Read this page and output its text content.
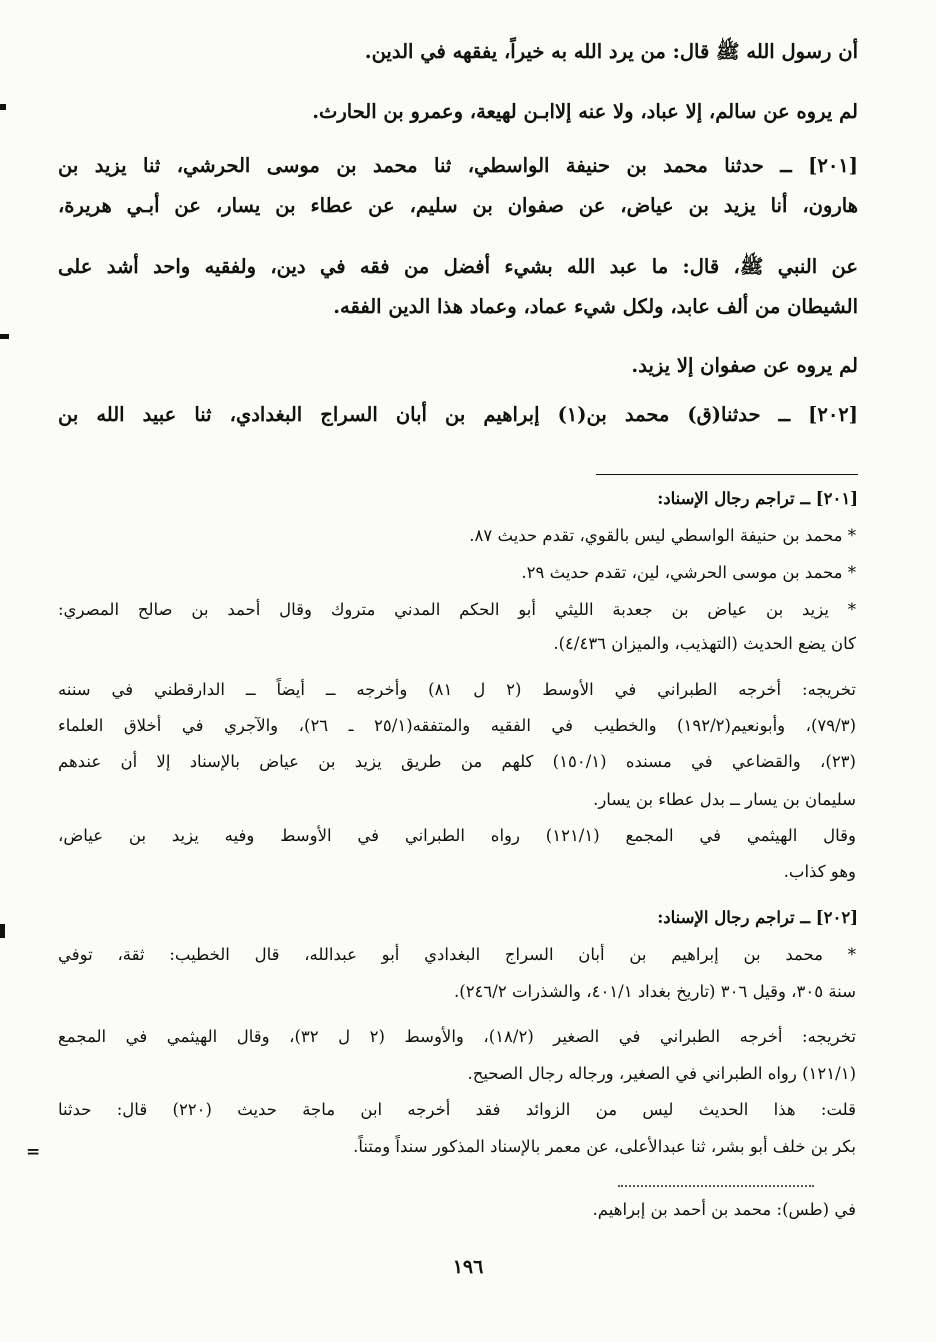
أن رسول الله ﷺ قال: من يرد الله به خيراً، يفقهه في الدين.
لم يروه عن سالم، إلا عباد، ولا عنه إلاابـن لهيعة، وعمرو بن الحارث.
[٢٠١] ــ حدثنا محمد بن حنيفة الواسطي، ثنا محمد بن موسى الحرشي، ثنا يزيد بن
هارون، أنا يزيد بن عياض، عن صفوان بن سليم، عن عطاء بن يسار، عن أبـي هريرة،
عن النبي ﷺ، قال: ما عبد الله بشيء أفضل من فقه في دين، ولفقيه واحد أشد على
الشيطان من ألف عابد، ولكل شيء عماد، وعماد هذا الدين الفقه.
لم يروه عن صفوان إلا يزيد.
[٢٠٢] ــ حدثنا(ق) محمد بن(١) إبراهيم بن أبان السراج البغدادي، ثنا عبيد الله بن
[٢٠١] ــ تراجم رجال الإسناد:
* محمد بن حنيفة الواسطي ليس بالقوي، تقدم حديث ٨٧.
* محمد بن موسى الحرشي، لين، تقدم حديث ٢٩.
* يزيد بن عياض بن جعدبة الليثي أبو الحكم المدني متروك وقال أحمد بن صالح المصري:
كان يضع الحديث (التهذيب، والميزان ٤/٤٣٦).
تخريجه: أخرجه الطبراني في الأوسط (٢ ل ٨١) وأخرجه ــ أيضاً ــ الدارقطني في سننه
(٧٩/٣)، وأبونعيم(١٩٢/٢) والخطيب في الفقيه والمتفقه(٢٥/١ ـ ٢٦)، والآجري في أخلاق العلماء
(٢٣)، والقضاعي في مسنده (١٥٠/١) كلهم من طريق يزيد بن عياض بالإسناد إلا أن عندهم
سليمان بن يسار ــ بدل عطاء بن يسار.
وقال الهيثمي في المجمع (١٢١/١) رواه الطبراني في الأوسط وفيه يزيد بن عياض،
وهو كذاب.
[٢٠٢] ــ تراجم رجال الإسناد:
* محمد بن إبراهيم بن أبان السراج البغدادي أبو عبدالله، قال الخطيب: ثقة، توفي
سنة ٣٠٥، وقيل ٣٠٦ (تاريخ بغداد ٤٠١/١، والشذرات ٢٤٦/٢).
تخريجه: أخرجه الطبراني في الصغير (١٨/٢)، والأوسط (٢ ل ٣٢)، وقال الهيثمي في المجمع
(١٢١/١) رواه الطبراني في الصغير، ورجاله رجال الصحيح.
قلت: هذا الحديث ليس من الزوائد فقد أخرجه ابن ماجة حديث (٢٢٠) قال: حدثنا
بكر بن خلف أبو بشر، ثنا عبدالأعلى، عن معمر بالإسناد المذكور سنداً ومتناً.
في (طس): محمد بن أحمد بن إبراهيم.
١٩٦
=
